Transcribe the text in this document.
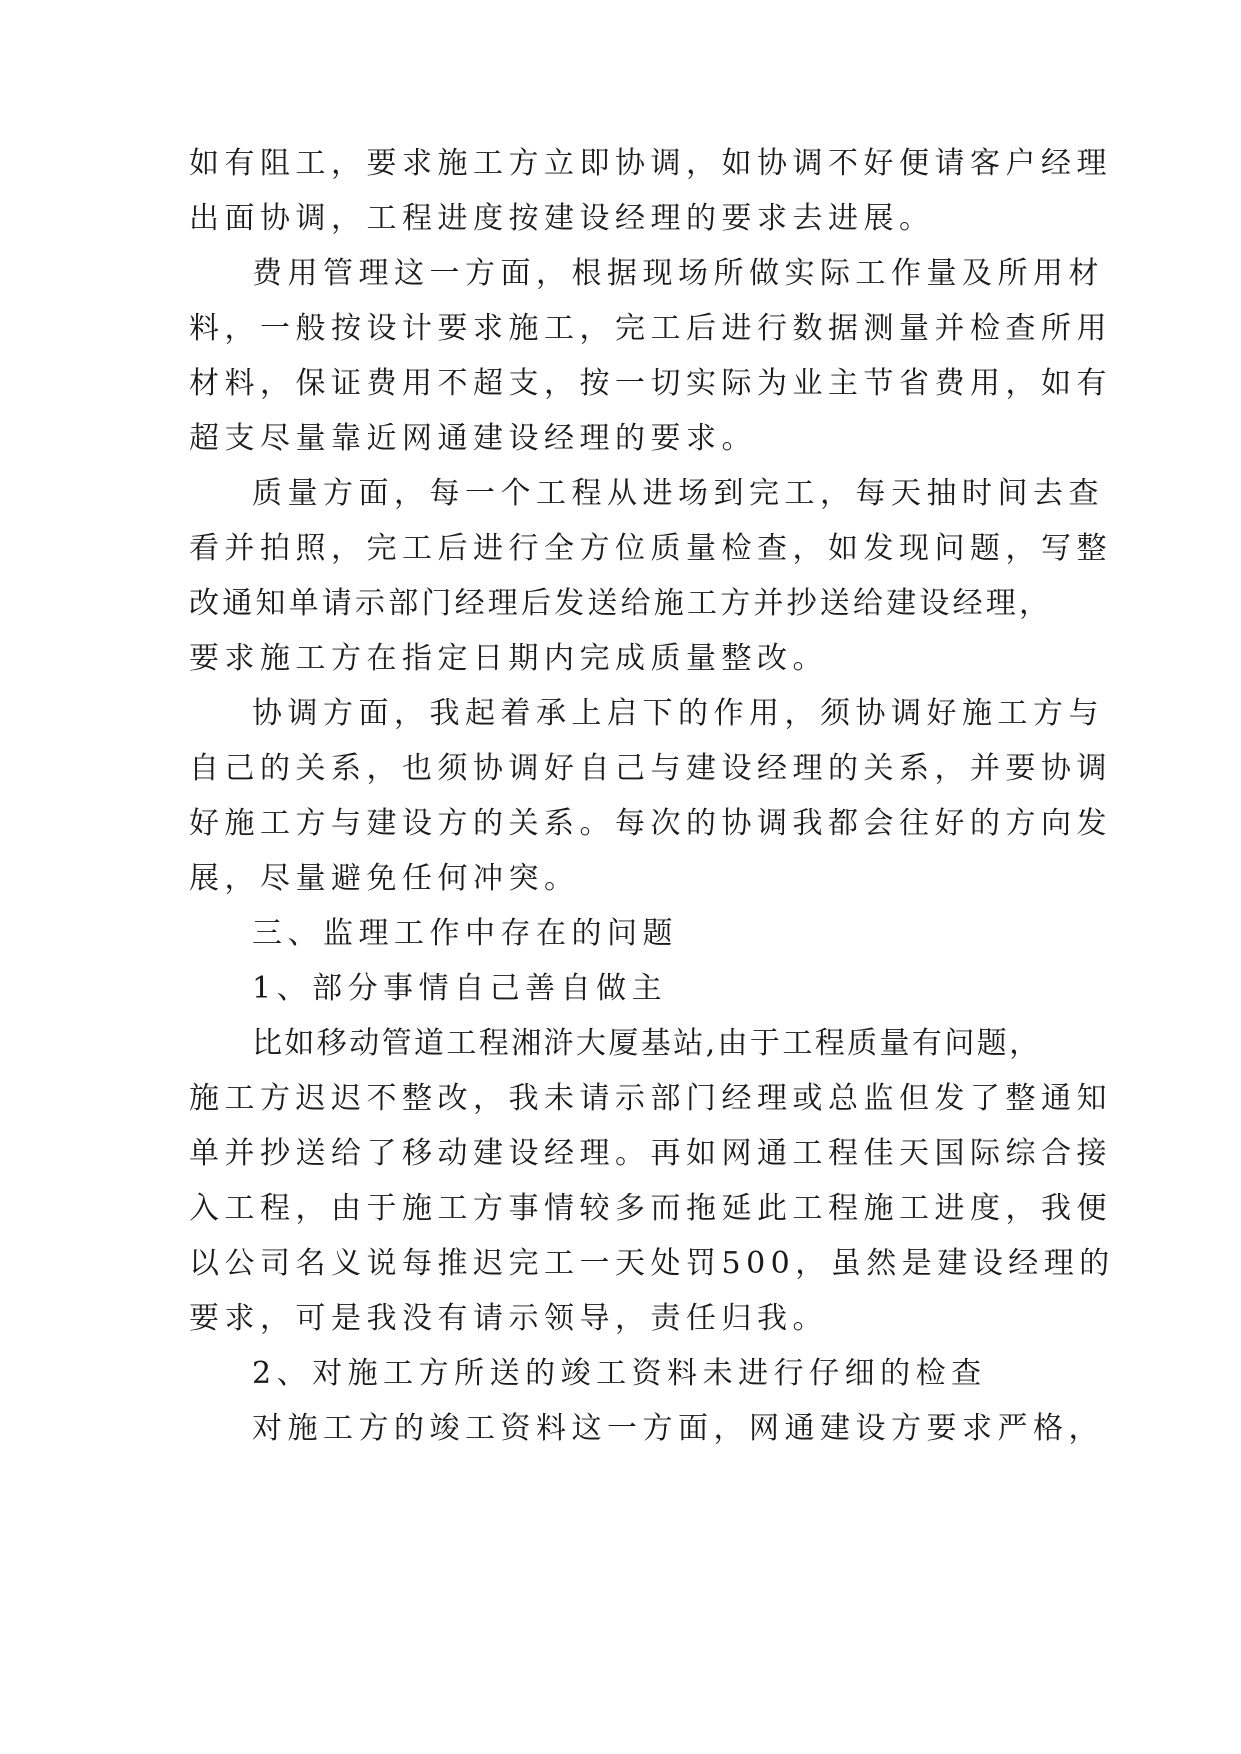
如有阻工，要求施工方立即协调，如协调不好便请客户经理
出面协调，工程进度按建设经理的要求去进展。
费用管理这一方面，根据现场所做实际工作量及所用材
料，一般按设计要求施工，完工后进行数据测量并检查所用
材料，保证费用不超支，按一切实际为业主节省费用，如有
超支尽量靠近网通建设经理的要求。
质量方面，每一个工程从进场到完工，每天抽时间去查
看并拍照，完工后进行全方位质量检查，如发现问题，写整
改通知单请示部门经理后发送给施工方并抄送给建设经理，
要求施工方在指定日期内完成质量整改。
协调方面，我起着承上启下的作用，须协调好施工方与
自己的关系，也须协调好自己与建设经理的关系，并要协调
好施工方与建设方的关系。每次的协调我都会往好的方向发
展，尽量避免任何冲突。
三、监理工作中存在的问题
1、部分事情自己善自做主
比如移动管道工程湘浒大厦基站,由于工程质量有问题，
施工方迟迟不整改，我未请示部门经理或总监但发了整通知
单并抄送给了移动建设经理。再如网通工程佳天国际综合接
入工程，由于施工方事情较多而拖延此工程施工进度，我便
以公司名义说每推迟完工一天处罚500，虽然是建设经理的
要求，可是我没有请示领导，责任归我。
2、对施工方所送的竣工资料未进行仔细的检查
对施工方的竣工资料这一方面，网通建设方要求严格，
